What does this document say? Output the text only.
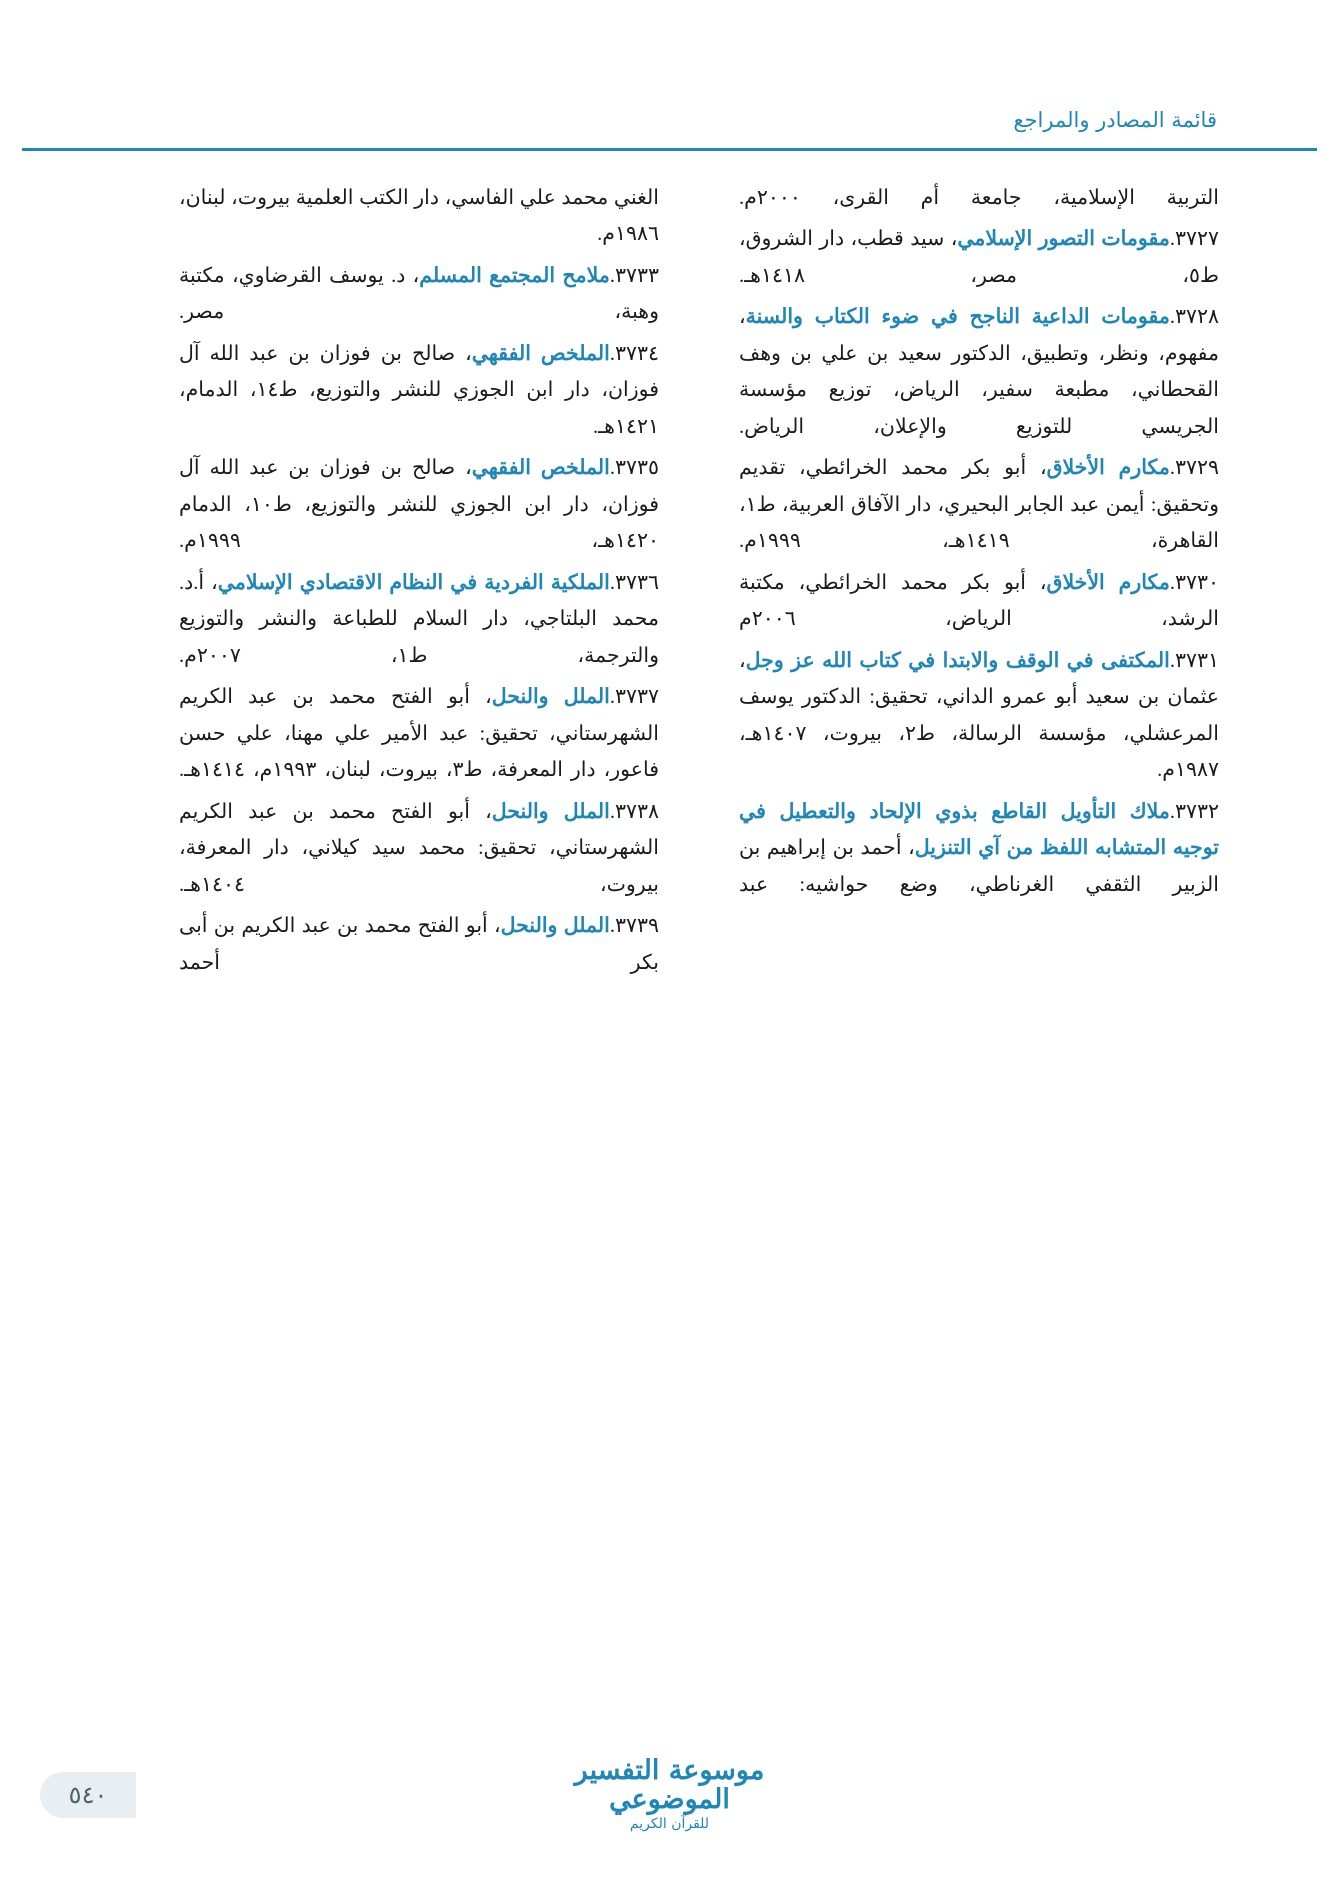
قائمة المصادر والمراجع

التربية الإسلامية، جامعة أم القرى، ٢٠٠٠م.

٣٧٢٧.مقومات التصور الإسلامي، سيد قطب، دار الشروق، ط٥، مصر، ١٤١٨هـ.

٣٧٢٨.مقومات الداعية الناجح في ضوء الكتاب والسنة، مفهوم، ونظر، وتطبيق، الدكتور سعيد بن علي بن وهف القحطاني، مطبعة سفير، الرياض، توزيع مؤسسة الجريسي للتوزيع والإعلان، الرياض.

٣٧٢٩.مكارم الأخلاق، أبو بكر محمد الخرائطي، تقديم وتحقيق: أيمن عبد الجابر البحيري، دار الآفاق العربية، ط١، القاهرة، ١٤١٩هـ، ١٩٩٩م.

٣٧٣٠.مكارم الأخلاق، أبو بكر محمد الخرائطي، مكتبة الرشد، الرياض، ٢٠٠٦م

٣٧٣١.المكتفى في الوقف والابتدا في كتاب الله عز وجل، عثمان بن سعيد أبو عمرو الداني، تحقيق: الدكتور يوسف المرعشلي، مؤسسة الرسالة، ط٢، بيروت، ١٤٠٧هـ، ١٩٨٧م.

٣٧٣٢.ملاك التأويل القاطع بذوي الإلحاد والتعطيل في توجيه المتشابه اللفظ من آي التنزيل، أحمد بن إبراهيم بن الزبير الثقفي الغرناطي، وضع حواشيه: عبد

الغني محمد علي الفاسي، دار الكتب العلمية بيروت، لبنان، ١٩٨٦م.

٣٧٣٣.ملامح المجتمع المسلم، د. يوسف القرضاوي، مكتبة وهبة، مصر.

٣٧٣٤.الملخص الفقهي، صالح بن فوزان بن عبد الله آل فوزان، دار ابن الجوزي للنشر والتوزيع، ط١٤، الدمام، ١٤٢١هـ.

٣٧٣٥.الملخص الفقهي، صالح بن فوزان بن عبد الله آل فوزان، دار ابن الجوزي للنشر والتوزيع، ط١٠، الدمام ١٤٢٠هـ، ١٩٩٩م.

٣٧٣٦.الملكية الفردية في النظام الاقتصادي الإسلامي، أ.د. محمد البلتاجي، دار السلام للطباعة والنشر والتوزيع والترجمة، ط١، ٢٠٠٧م.

٣٧٣٧.الملل والنحل، أبو الفتح محمد بن عبد الكريم الشهرستاني، تحقيق: عبد الأمير علي مهنا، علي حسن فاعور، دار المعرفة، ط٣، بيروت، لبنان، ١٩٩٣م، ١٤١٤هـ.

٣٧٣٨.الملل والنحل، أبو الفتح محمد بن عبد الكريم الشهرستاني، تحقيق: محمد سيد كيلاني، دار المعرفة، بيروت، ١٤٠٤هـ.

٣٧٣٩.الملل والنحل، أبو الفتح محمد بن عبد الكريم بن أبى بكر أحمد

موسوعة التفسير الموضوعي
للقرآن الكريم
٥٤٠
